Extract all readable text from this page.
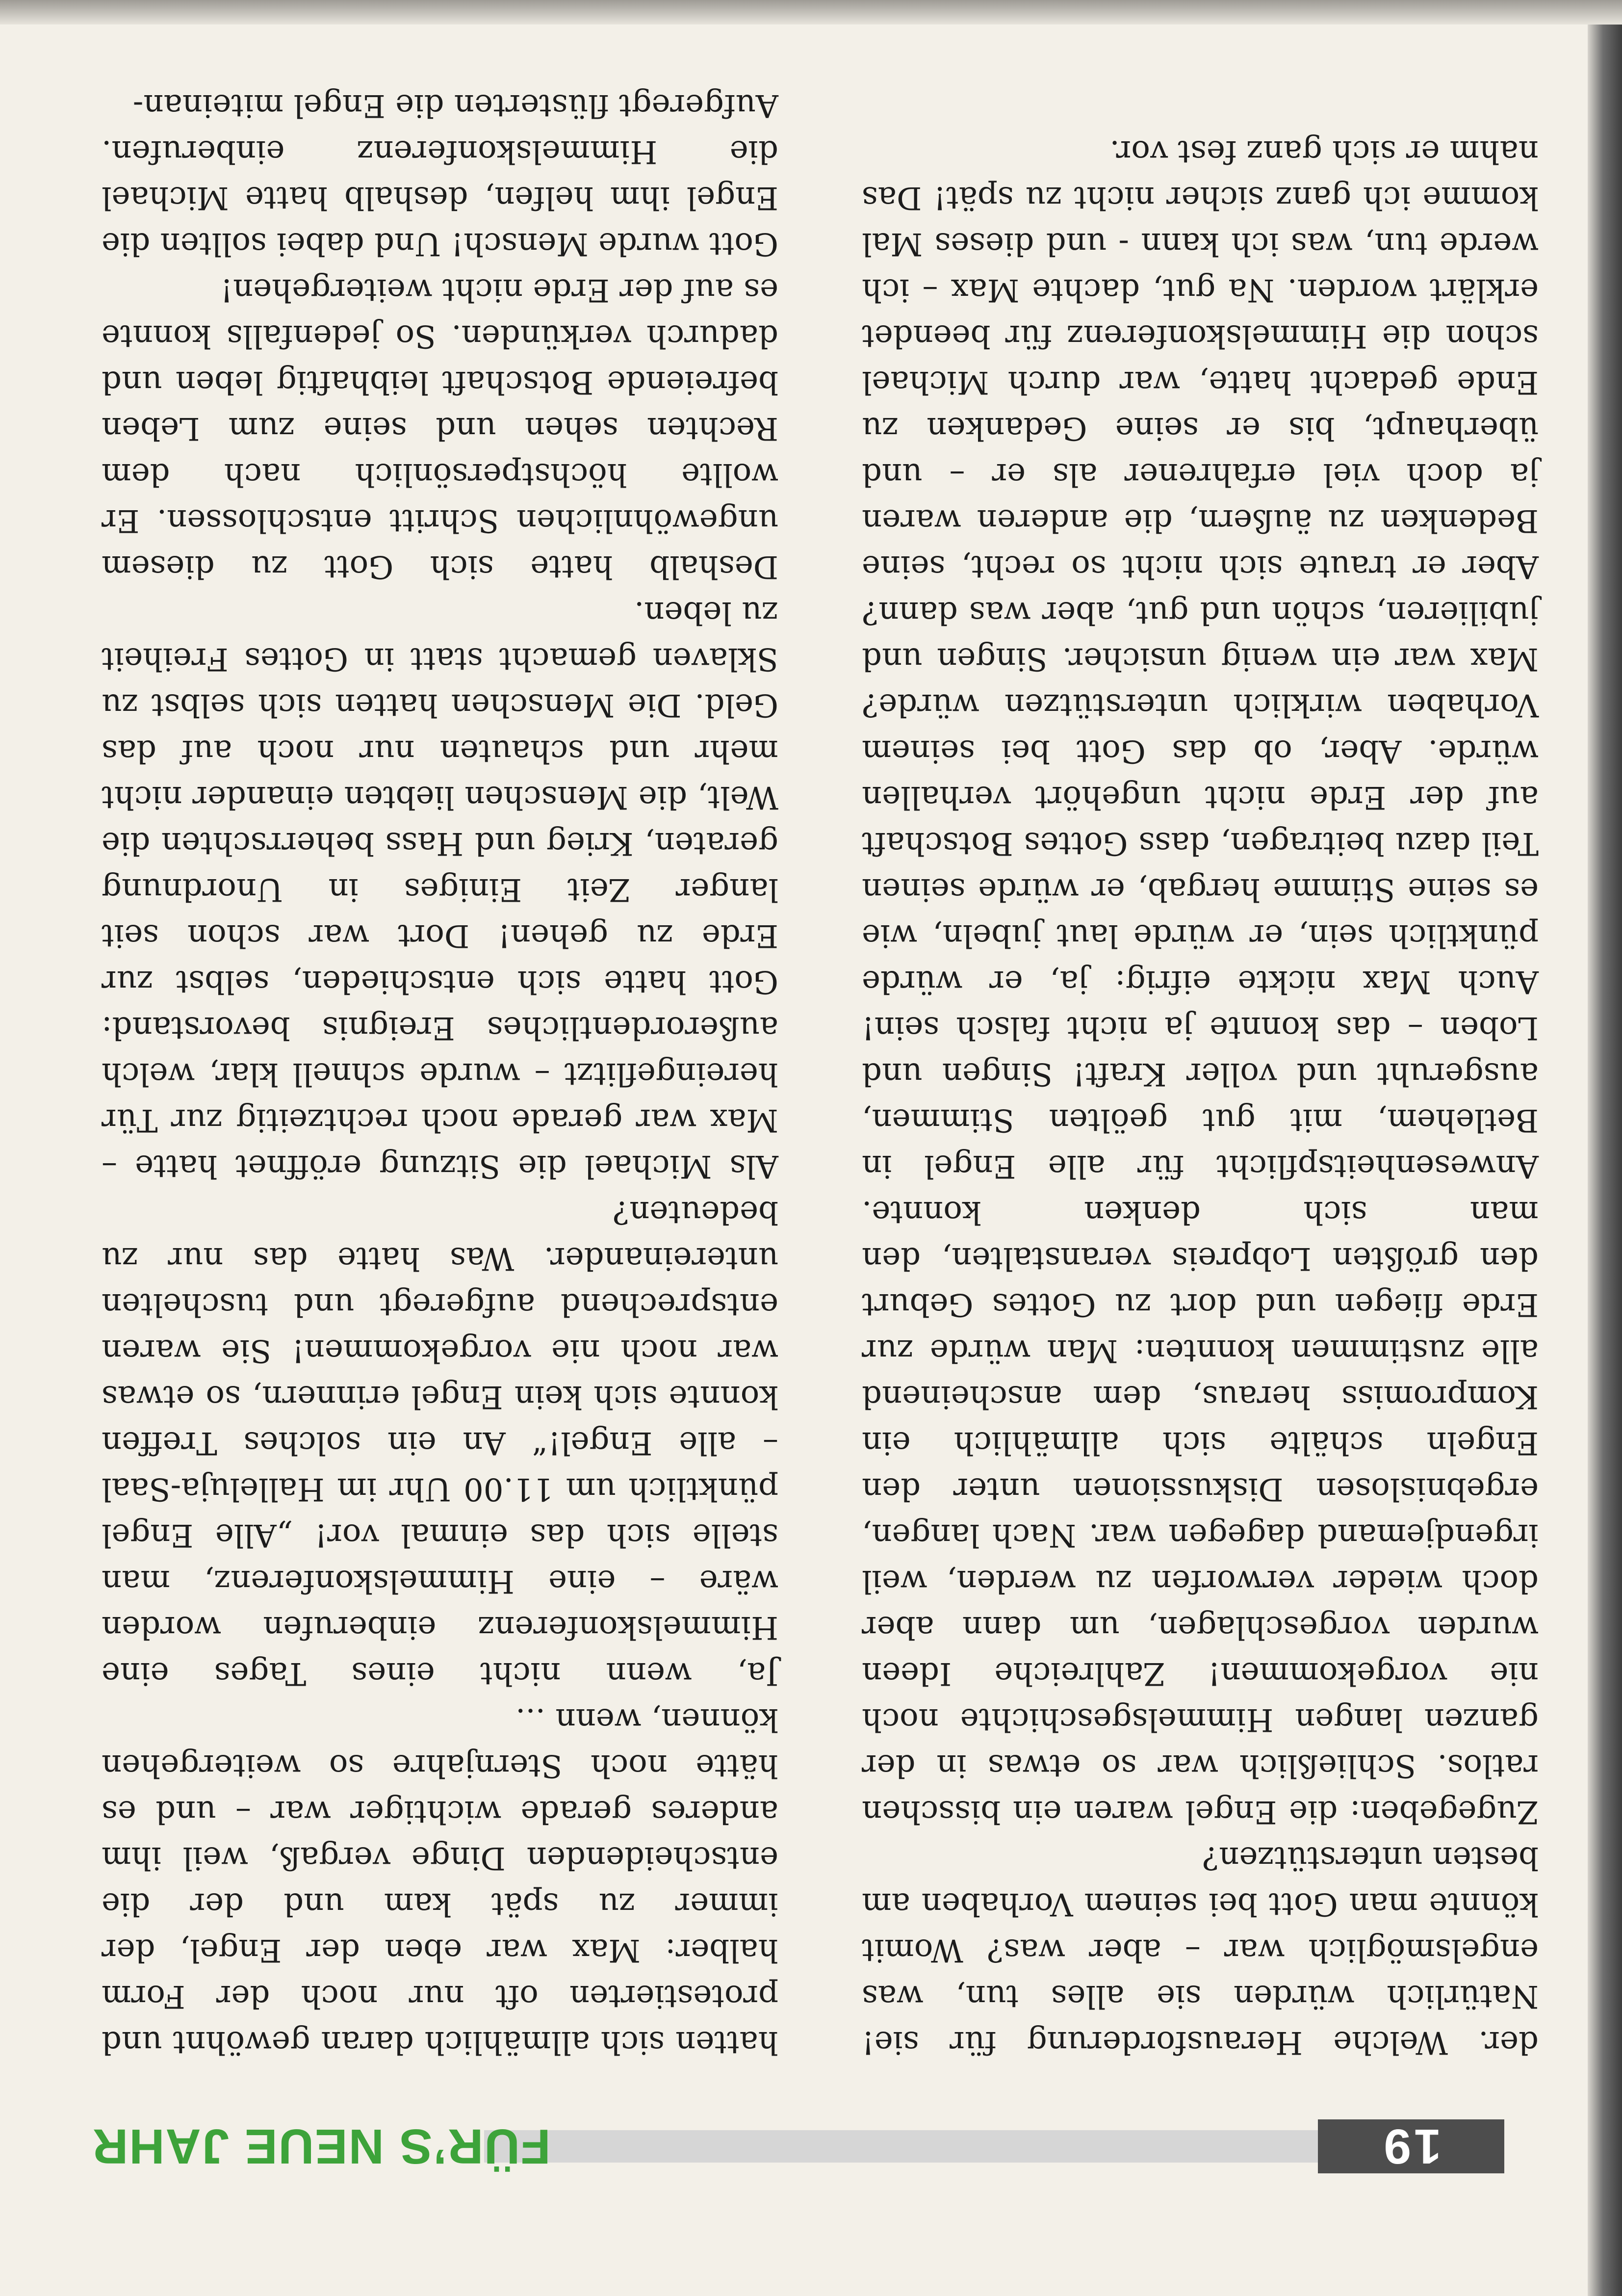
19
FÜR’S NEUE JAHR

der. Welche Herausforderung für sie! Natürlich würden sie alles tun, was engelsmöglich war – aber was? Womit könnte man Gott bei seinem Vorhaben am besten unterstützen?

Zugegeben: die Engel waren ein bisschen ratlos. Schließlich war so etwas in der ganzen langen Himmelsgeschichte noch nie vorgekommen! Zahlreiche Ideen wurden vorgeschlagen, um dann aber doch wieder verworfen zu werden, weil irgendjemand dagegen war. Nach langen, ergebnislosen Diskussionen unter den Engeln schälte sich allmählich ein Kompromiss heraus, dem anscheinend alle zustimmen konnten: Man würde zur Erde fliegen und dort zu Gottes Geburt den größten Lobpreis veranstalten, den man sich denken konnte. Anwesenheitspflicht für alle Engel in Betlehem, mit gut geölten Stimmen, ausgeruht und voller Kraft! Singen und Loben – das konnte ja nicht falsch sein! Auch Max nickte eifrig: ja, er würde pünktlich sein, er würde laut jubeln, wie es seine Stimme hergab, er würde seinen Teil dazu beitragen, dass Gottes Botschaft auf der Erde nicht ungehört verhallen würde. Aber, ob das Gott bei seinem Vorhaben wirklich unterstützen würde? Max war ein wenig unsicher. Singen und jubilieren, schön und gut, aber was dann? Aber er traute sich nicht so recht, seine Bedenken zu äußern, die anderen waren ja doch viel erfahrener als er – und überhaupt, bis er seine Gedanken zu Ende gedacht hatte, war durch Michael schon die Himmelskonferenz für beendet erklärt worden. Na gut, dachte Max – ich werde tun, was ich kann - und dieses Mal komme ich ganz sicher nicht zu spät! Das nahm er sich ganz fest vor.

hatten sich allmählich daran gewöhnt und protestierten oft nur noch der Form halber: Max war eben der Engel, der immer zu spät kam und der die entscheidenden Dinge vergaß, weil ihm anderes gerade wichtiger war – und es hätte noch Sternjahre so weitergehen können, wenn ...

Ja, wenn nicht eines Tages eine Himmelskonferenz einberufen worden wäre – eine Himmelskonferenz, man stelle sich das einmal vor! „Alle Engel pünktlich um 11.00 Uhr im Halleluja-Saal – alle Engel!“ An ein solches Treffen konnte sich kein Engel erinnern, so etwas war noch nie vorgekommen! Sie waren entsprechend aufgeregt und tuschelten untereinander. Was hatte das nur zu bedeuten?

Als Michael die Sitzung eröffnet hatte – Max war gerade noch rechtzeitig zur Tür hereingeflitzt – wurde schnell klar, welch außerordentliches Ereignis bevorstand: Gott hatte sich entschieden, selbst zur Erde zu gehen! Dort war schon seit langer Zeit Einiges in Unordnung geraten, Krieg und Hass beherrschten die Welt, die Menschen liebten einander nicht mehr und schauten nur noch auf das Geld. Die Menschen hatten sich selbst zu Sklaven gemacht statt in Gottes Freiheit zu leben.

Deshalb hatte sich Gott zu diesem ungewöhnlichen Schritt entschlossen. Er wollte höchstpersönlich nach dem Rechten sehen und seine zum Leben befreiende Botschaft leibhaftig leben und dadurch verkünden. So jedenfalls konnte es auf der Erde nicht weitergehen!

Gott wurde Mensch! Und dabei sollten die Engel ihm helfen, deshalb hatte Michael die Himmelskonferenz einberufen. Aufgeregt flüsterten die Engel miteinan-
